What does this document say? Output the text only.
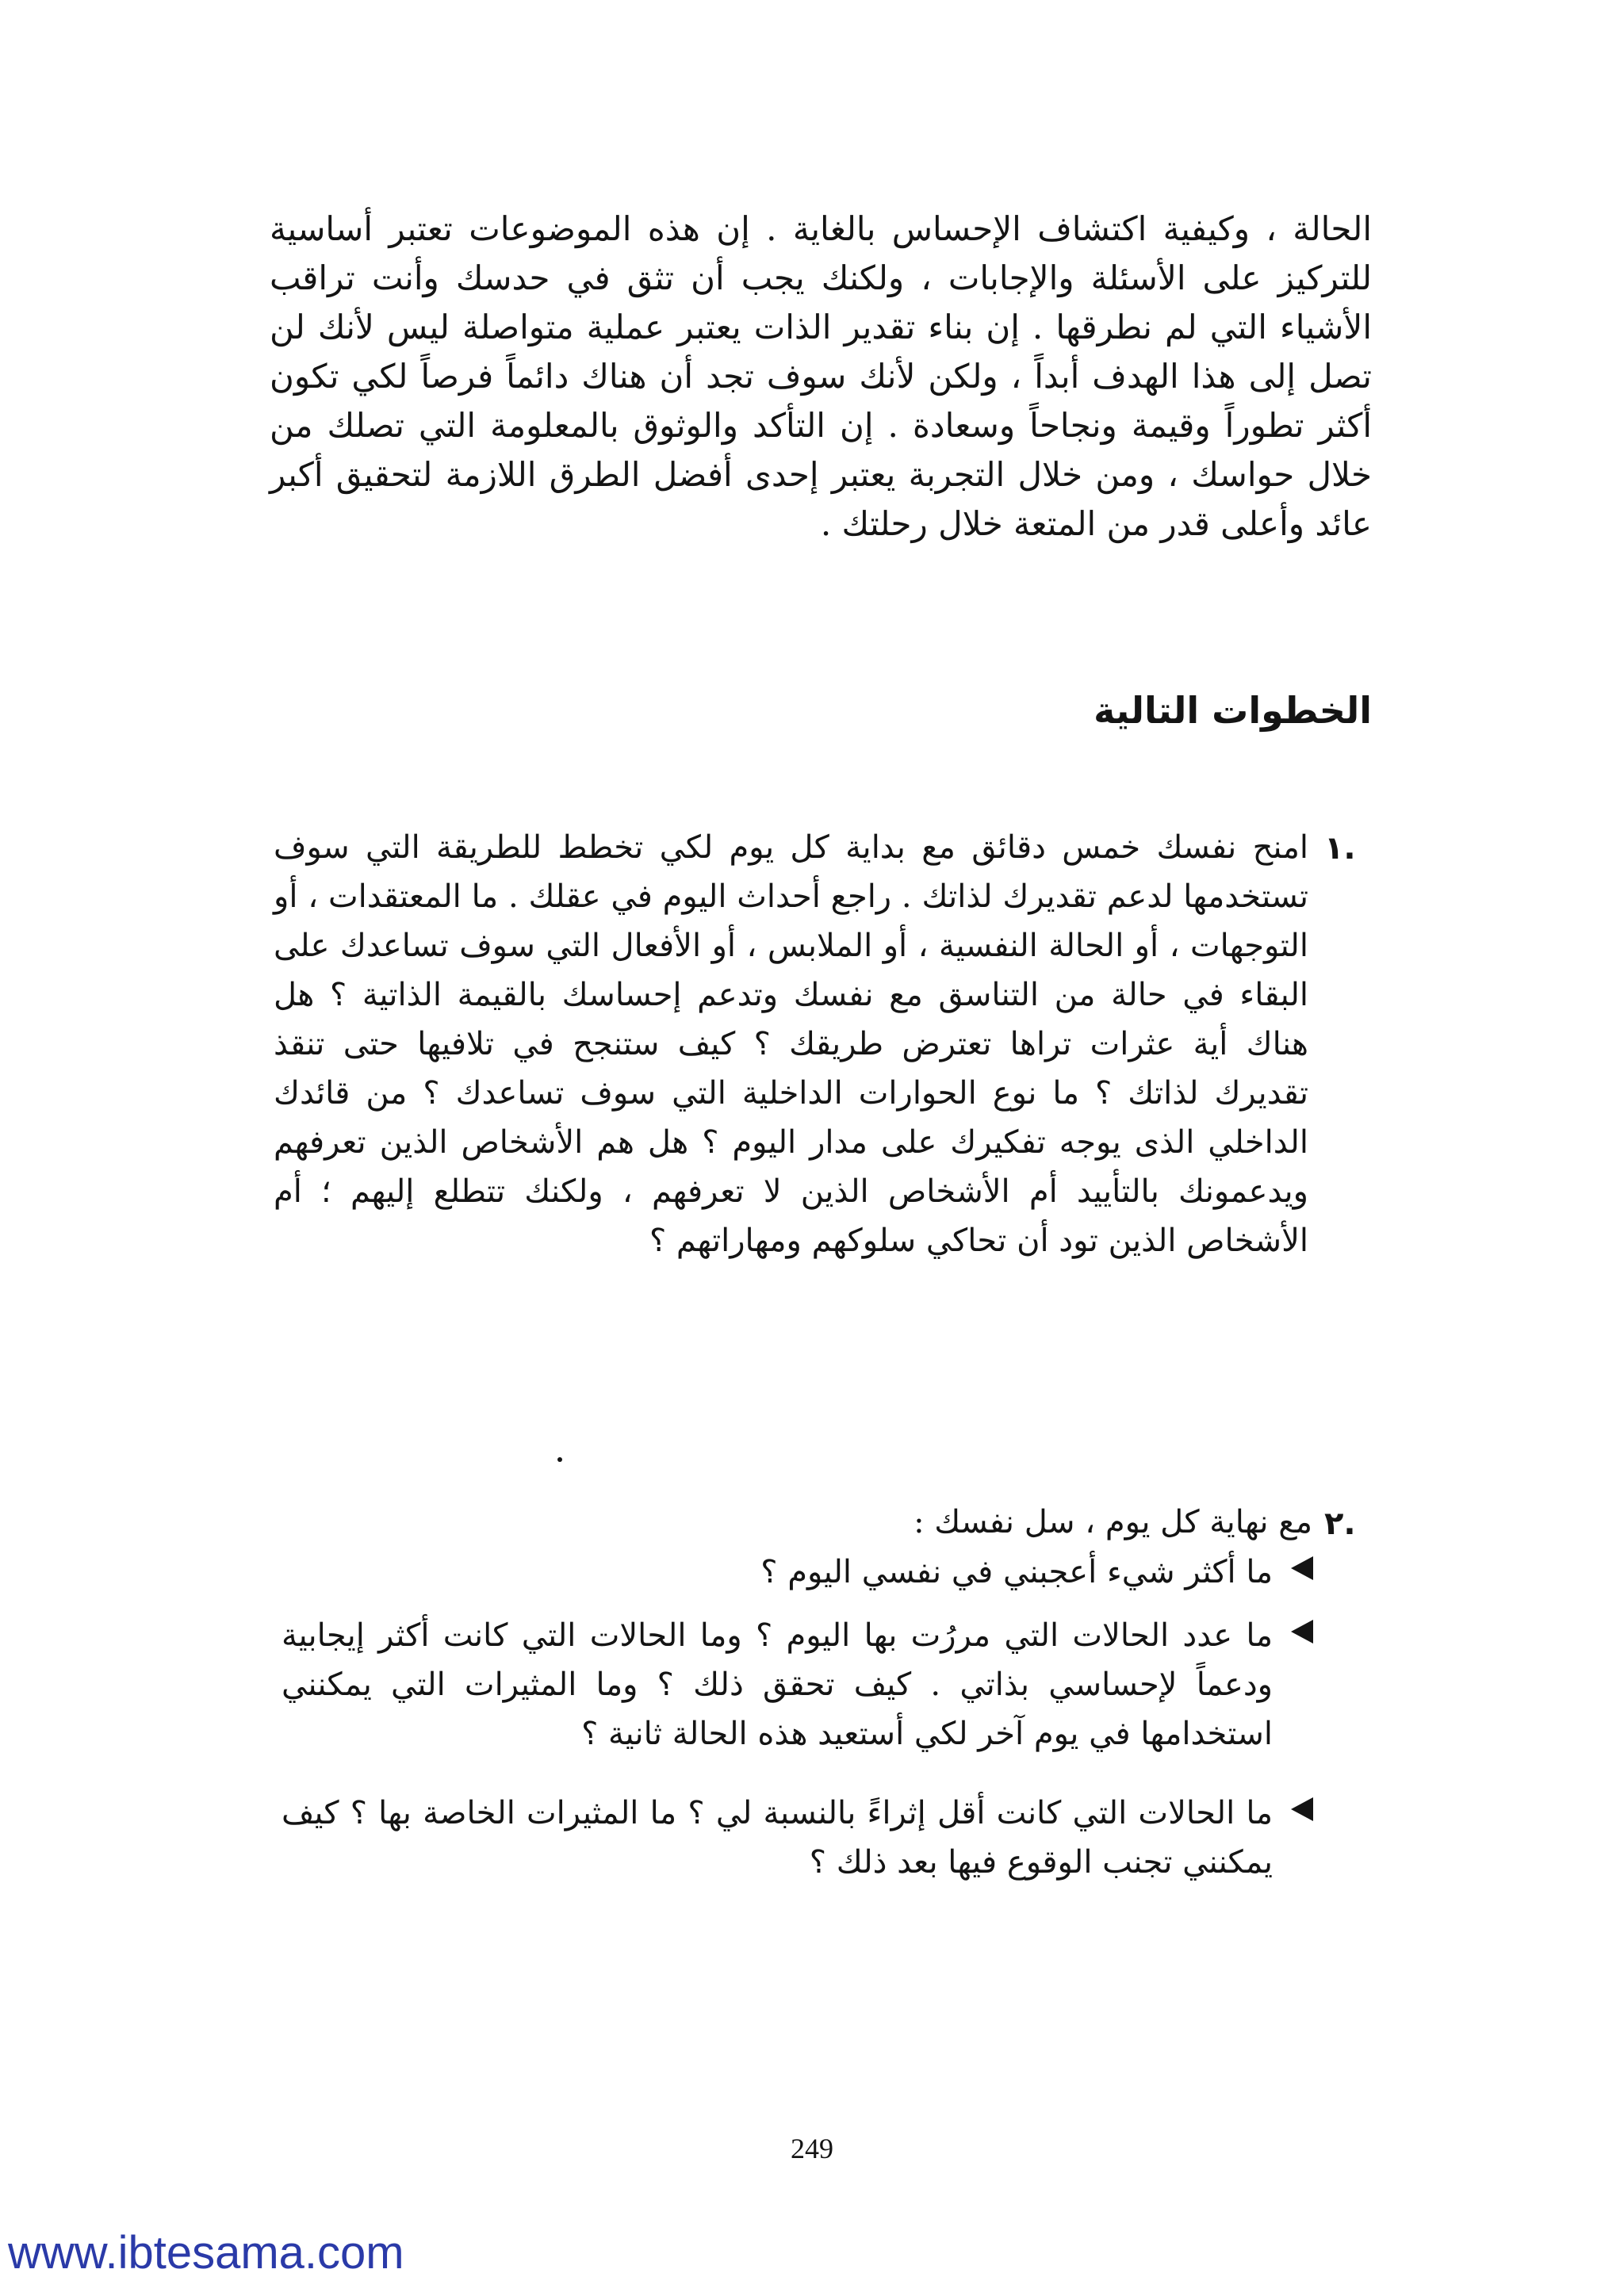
الحالة ، وكيفية اكتشاف الإحساس بالغاية . إن هذه الموضوعات تعتبر أساسية للتركيز على الأسئلة والإجابات ، ولكنك يجب أن تثق في حدسك وأنت تراقب الأشياء التي لم نطرقها . إن بناء تقدير الذات يعتبر عملية متواصلة ليس لأنك لن تصل إلى هذا الهدف أبداً ، ولكن لأنك سوف تجد أن هناك دائماً فرصاً لكي تكون أكثر تطوراً وقيمة ونجاحاً وسعادة . إن التأكد والوثوق بالمعلومة التي تصلك من خلال حواسك ، ومن خلال التجربة يعتبر إحدى أفضل الطرق اللازمة لتحقيق أكبر عائد وأعلى قدر من المتعة خلال رحلتك .

الخطوات التالية
.١

امنح نفسك خمس دقائق مع بداية كل يوم لكي تخطط للطريقة التي سوف تستخدمها لدعم تقديرك لذاتك . راجع أحداث اليوم في عقلك . ما المعتقدات ، أو التوجهات ، أو الحالة النفسية ، أو الملابس ، أو الأفعال التي سوف تساعدك على البقاء في حالة من التناسق مع نفسك وتدعم إحساسك بالقيمة الذاتية ؟ هل هناك أية عثرات تراها تعترض طريقك ؟ كيف ستنجح في تلافيها حتى تنقذ تقديرك لذاتك ؟ ما نوع الحوارات الداخلية التي سوف تساعدك ؟ من قائدك الداخلي الذى يوجه تفكيرك على مدار اليوم ؟ هل هم الأشخاص الذين تعرفهم ويدعمونك بالتأييد أم الأشخاص الذين لا تعرفهم ، ولكنك تتطلع إليهم ؛ أم الأشخاص الذين تود أن تحاكي سلوكهم ومهاراتهم ؟

.٢
مع نهاية كل يوم ، سل نفسك :

ما أكثر شيء أعجبني في نفسي اليوم ؟

ما عدد الحالات التي مررُت بها اليوم ؟ وما الحالات التي كانت أكثر إيجابية ودعماً لإحساسي بذاتي . كيف تحقق ذلك ؟ وما المثيرات التي يمكنني استخدامها في يوم آخر لكي أستعيد هذه الحالة ثانية ؟

ما الحالات التي كانت أقل إثراءً بالنسبة لي ؟ ما المثيرات الخاصة بها ؟ كيف يمكنني تجنب الوقوع فيها بعد ذلك ؟

249
www.ibtesama.com
